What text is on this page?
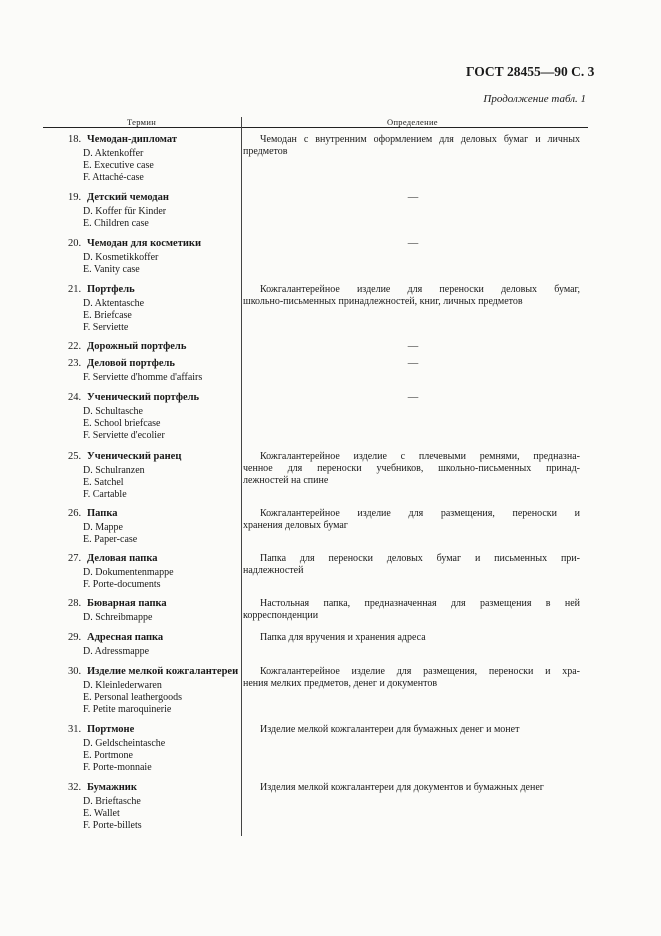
ГОСТ 28455—90 С. 3
Продолжение табл. 1
Термин	Определение
18. Чемодан-дипломат
D. Aktenkoffer
E. Executive case
F. Attaché-case
Чемодан с внутренним оформлением для деловых бумаг и личных
предметов
19. Детский чемодан
D. Koffer für Kinder
E. Children case
—
20. Чемодан для косметики
D. Kosmetikkoffer
E. Vanity case
—
21. Портфель
D. Aktentasche
E. Briefcase
F. Serviette
Кожгалантерейное изделие для переноски деловых бумаг,
школьно-письменных принадлежностей, книг, личных предметов
22. Дорожный портфель	—
23. Деловой портфель
F. Serviette d'homme d'affairs
—
24. Ученический портфель
D. Schultasche
E. School briefcase
F. Serviette d'ecolier
—
25. Ученический ранец
D. Schulranzen
E. Satchel
F. Cartable
Кожгалантерейное изделие с плечевыми ремнями, предназна-
ченное для переноски учебников, школьно-письменных принад-
лежностей на спине
26. Папка
D. Mappe
E. Paper-case
Кожгалантерейное изделие для размещения, переноски и
хранения деловых бумаг
27. Деловая папка
D. Dokumentenmappe
F. Porte-documents
Папка для переноски деловых бумаг и письменных при-
надлежностей
28. Бюварная папка
D. Schreibmappe
Настольная папка, предназначенная для размещения в ней
корреспонденции
29. Адресная папка
D. Adressmappe
Папка для вручения и хранения адреса
30. Изделие мелкой кожгалантереи
D. Kleinlederwaren
E. Personal leathergoods
F. Petite maroquinerie
Кожгалантерейное изделие для размещения, переноски и хра-
нения мелких предметов, денег и документов
31. Портмоне
D. Geldscheintasche
E. Portmone
F. Porte-monnaie
Изделие мелкой кожгалантереи для бумажных денег и монет
32. Бумажник
D. Brieftasche
E. Wallet
F. Porte-billets
Изделия мелкой кожгалантереи для документов и бумажных денег
